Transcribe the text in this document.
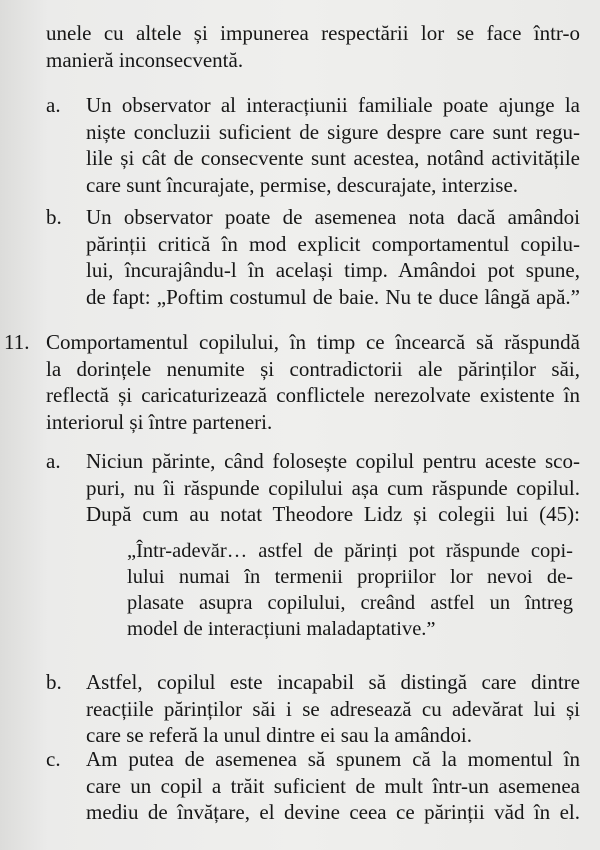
unele cu altele și impunerea respectării lor se face într-o
manieră inconsecventă.
a. Un observator al interacțiunii familiale poate ajunge la
niște concluzii suficient de sigure despre care sunt regu-
lile și cât de consecvente sunt acestea, notând activitățile
care sunt încurajate, permise, descurajate, interzise.
b. Un observator poate de asemenea nota dacă amândoi
părinții critică în mod explicit comportamentul copilu-
lui, încurajându-l în același timp. Amândoi pot spune,
de fapt: „Poftim costumul de baie. Nu te duce lângă apă.”
11. Comportamentul copilului, în timp ce încearcă să răspundă
la dorințele nenumite și contradictorii ale părinților săi,
reflectă și caricaturizează conflictele nerezolvate existente în
interiorul și între parteneri.
a. Niciun părinte, când folosește copilul pentru aceste sco-
puri, nu îi răspunde copilului așa cum răspunde copilul.
După cum au notat Theodore Lidz și colegii lui (45):
„Într-adevăr… astfel de părinți pot răspunde copi-
lului numai în termenii propriilor lor nevoi de-
plasate asupra copilului, creând astfel un întreg
model de interacțiuni maladaptative.”
b. Astfel, copilul este incapabil să distingă care dintre
reacțiile părinților săi i se adresează cu adevărat lui și
care se referă la unul dintre ei sau la amândoi.
c. Am putea de asemenea să spunem că la momentul în
care un copil a trăit suficient de mult într-un asemenea
mediu de învățare, el devine ceea ce părinții văd în el.
